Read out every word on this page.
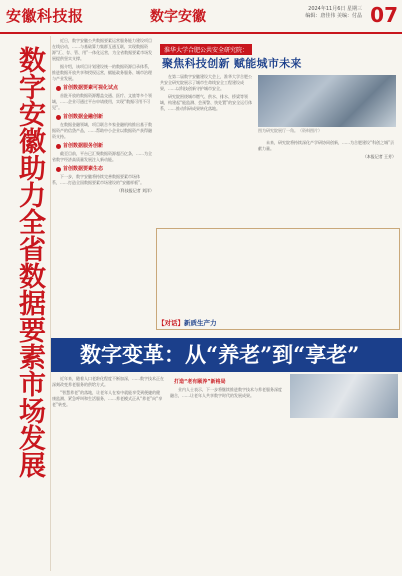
安徽科技报	数字安徽	2024年11月6日 星期三
编辑：唐佳伟 美编：付晶 07
数字安徽助力全省数据要素市场发展

近日，数字安徽公共数据要素运营服务能力建设项目在线启动，……与基础算力集群互通互联，实现数据资源“汇、存、管、用”一体化运营，为全省数据要素市场发展提供坚实支撑。

据介绍，该项目计划建设统一的数据资源目录体系，推进数据开放共享和授权运营，赋能政务服务、城市治理与产业发展。

首创数据要素可视化试点

首批开放的数据资源覆盖交通、医疗、文旅等多个领域，……企业可通过平台申请使用，实现“数据可用不可见”。

首创数据金融创新

在数据金融领域，项目联合多家金融机构推出基于数据资产的信贷产品，……帮助中小企业以数据资产获得融资支持。

首创数据服务创新

截至目前，平台已汇聚数据资源超百亿条，……为全省数字经济高质量发展注入新动能。

首创数据要素生态

下一步，数字安徽将持续完善数据要素市场体系，……打造全国数据要素市场建设的“安徽样板”。

（科技报记者 刘洋）
淮华大学合肥公共安全研究院：
聚焦科技创新 赋能城市未来

在第二届数字安徽建设大会上，淮华大学合肥公共安全研究院展示了城市生命线安全工程建设成果，……以科技创新守护城市安全。

研究院围绕城市燃气、供水、排水、桥梁等领域，构建起“能监测、会预警、快处置”的安全运行体系，……推动科研成果转化落地。

图为研究院展厅一角。（资料图片）

未来，研究院将持续深化产学研协同创新，……为合肥建设“科创之城”贡献力量。

（本报记者 王芳）
【对话】新质生产力
数字变革：从“养老”到“享老”

近年来，随着人口老龄化程度不断加深，……数字技术正在深刻改变养老服务的供给方式。

“智慧养老”的落地，让老年人在家中就能享受到便捷的健康监测、紧急呼叫和生活服务，……养老模式正从“养老”向“享老”转变。

打造“老有颐养”新格局

业内人士表示，下一步将继续推进数字技术与养老服务深度融合，……让老年人共享数字时代的发展成果。
